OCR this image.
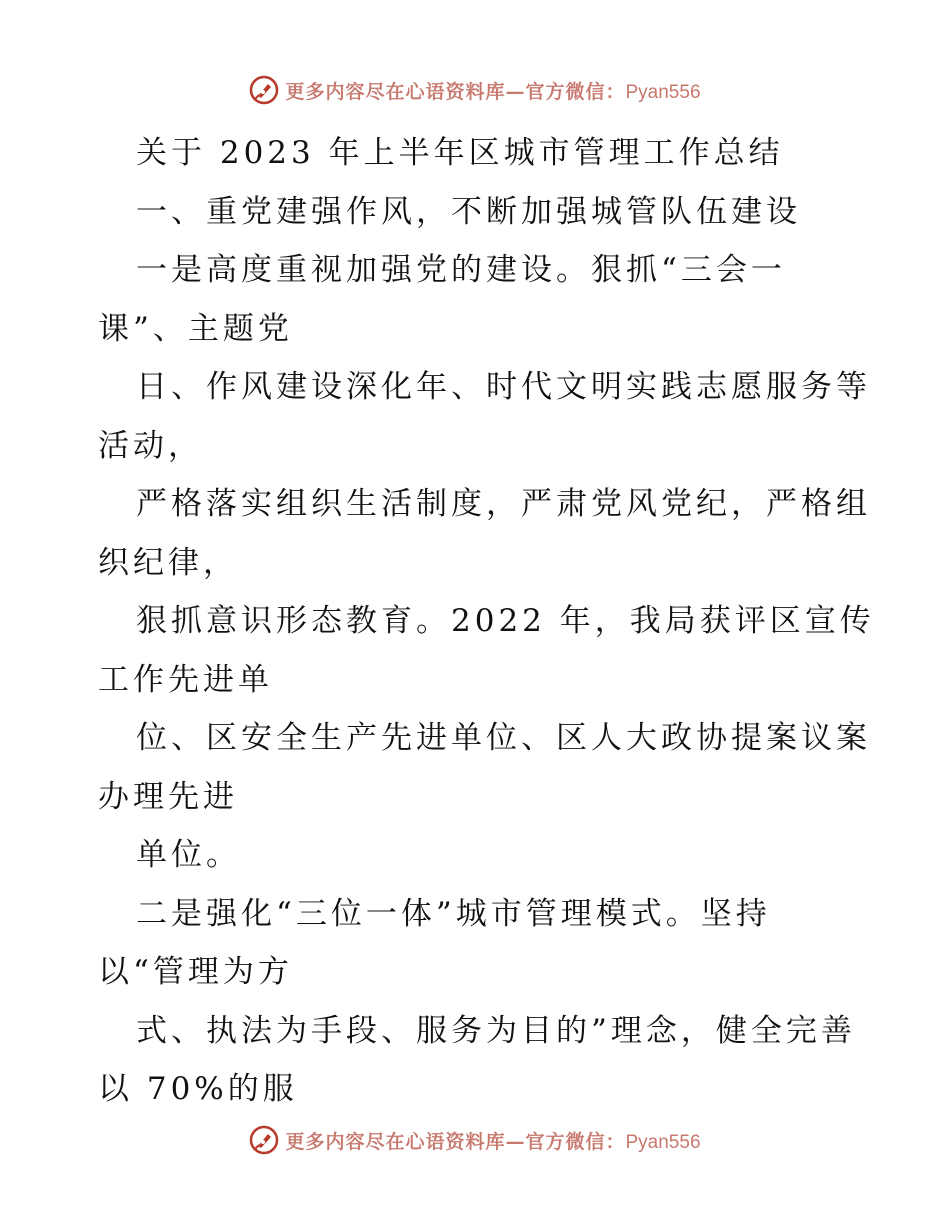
更多内容尽在心语资料库—官方微信：Pyan556
关于 2023 年上半年区城市管理工作总结
一、重党建强作风，不断加强城管队伍建设
一是高度重视加强党的建设。狠抓“三会一
课”、主题党
日、作风建设深化年、时代文明实践志愿服务等
活动，
严格落实组织生活制度，严肃党风党纪，严格组
织纪律，
狠抓意识形态教育。2022 年，我局获评区宣传
工作先进单
位、区安全生产先进单位、区人大政协提案议案
办理先进
单位。
二是强化“三位一体”城市管理模式。坚持
以“管理为方
式、执法为手段、服务为目的”理念，健全完善
以 70%的服
更多内容尽在心语资料库—官方微信：Pyan556
